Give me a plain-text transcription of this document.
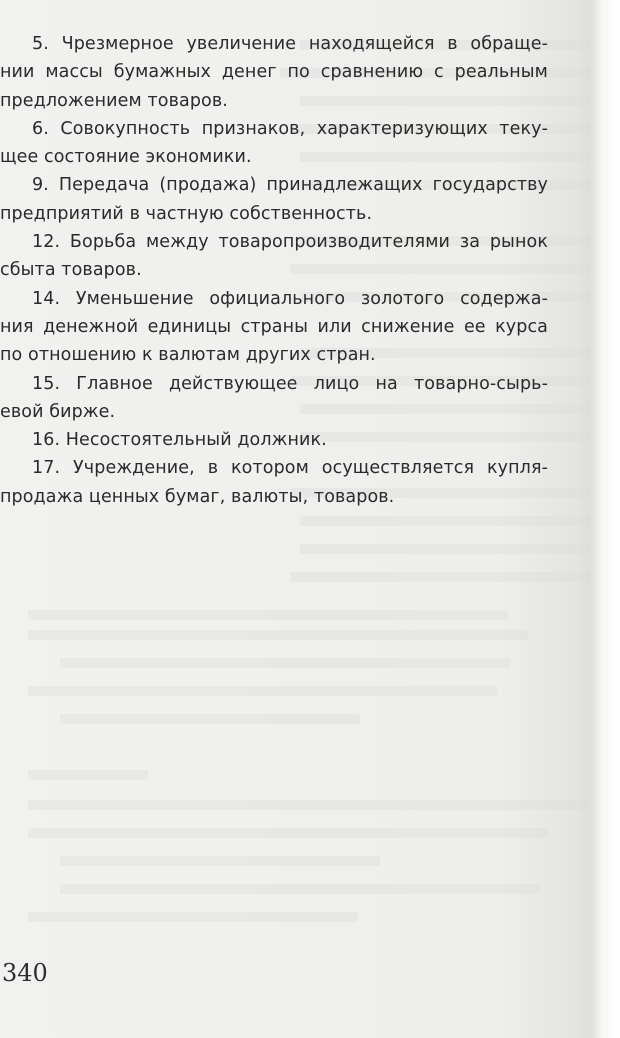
5. Чрезмерное увеличение находящейся в обраще-
нии массы бумажных денег по сравнению с реальным
предложением товаров.
6. Совокупность признаков, характеризующих теку-
щее состояние экономики.
9. Передача (продажа) принадлежащих государству
предприятий в частную собственность.
12. Борьба между товаропроизводителями за рынок
сбыта товаров.
14. Уменьшение официального золотого содержа-
ния денежной единицы страны или снижение ее курса
по отношению к валютам других стран.
15. Главное действующее лицо на товарно-сырь-
евой бирже.
16. Несостоятельный должник.
17. Учреждение, в котором осуществляется купля-
продажа ценных бумаг, валюты, товаров.
340
